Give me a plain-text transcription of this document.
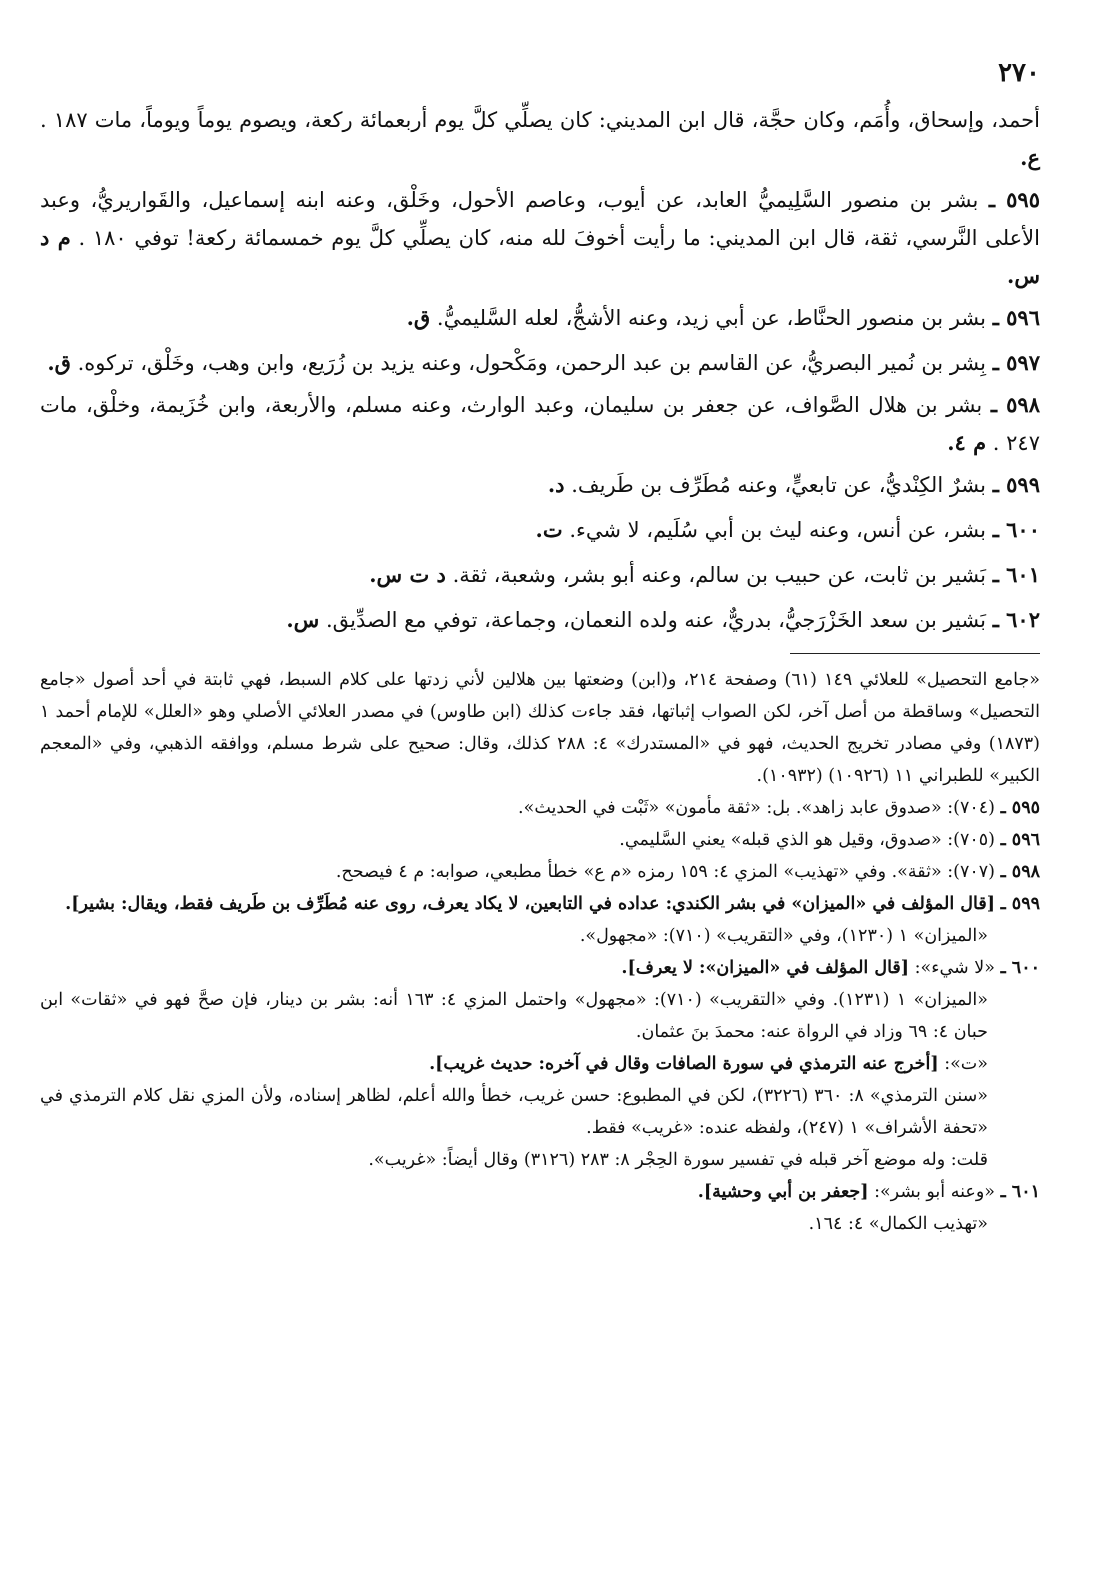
٢٧٠

أحمد، وإسحاق، وأُمَم، وكان حجَّة، قال ابن المديني: كان يصلِّي كلَّ يوم أربعمائة ركعة، ويصوم يوماً ويوماً، مات ١٨٧ . ع.

٥٩٥ ـ بشر بن منصور السَّلِيميُّ العابد، عن أيوب، وعاصم الأحول، وخَلْق، وعنه ابنه إسماعيل، والقَواريريُّ، وعبد الأعلى النَّرسي، ثقة، قال ابن المديني: ما رأيت أخوفَ لله منه، كان يصلِّي كلَّ يوم خمسمائة ركعة! توفي ١٨٠ . م د س.

٥٩٦ ـ بشر بن منصور الحنَّاط، عن أبي زيد، وعنه الأشجُّ، لعله السَّليميُّ. ق.

٥٩٧ ـ بِشر بن نُمير البصريُّ، عن القاسم بن عبد الرحمن، ومَكْحول، وعنه يزيد بن زُرَيع، وابن وهب، وخَلْق، تركوه. ق.

٥٩٨ ـ بشر بن هلال الصَّواف، عن جعفر بن سليمان، وعبد الوارث، وعنه مسلم، والأربعة، وابن خُزَيمة، وخلْق، مات ٢٤٧ . م ٤.

٥٩٩ ـ بشرٌ الكِنْديُّ، عن تابعيٍّ، وعنه مُطَرِّف بن طَريف. د.

٦٠٠ ـ بشر، عن أنس، وعنه ليث بن أبي سُلَيم، لا شيء. ت.

٦٠١ ـ بَشير بن ثابت، عن حبيب بن سالم، وعنه أبو بشر، وشعبة، ثقة. د ت س.

٦٠٢ ـ بَشير بن سعد الخَزْرَجيُّ، بدريٌّ، عنه ولده النعمان، وجماعة، توفي مع الصدِّيق. س.

«جامع التحصيل» للعلائي ١٤٩ (٦١) وصفحة ٢١٤، و(ابن) وضعتها بين هلالين لأني زدتها على كلام السبط، فهي ثابتة في أحد أصول «جامع التحصيل» وساقطة من أصل آخر، لكن الصواب إثباتها، فقد جاءت كذلك (ابن طاوس) في مصدر العلائي الأصلي وهو «العلل» للإمام أحمد ١ (١٨٧٣) وفي مصادر تخريج الحديث، فهو في «المستدرك» ٤: ٢٨٨ كذلك، وقال: صحيح على شرط مسلم، ووافقه الذهبي، وفي «المعجم الكبير» للطبراني ١١ (١٠٩٢٦) (١٠٩٣٢).

٥٩٥ ـ (٧٠٤): «صدوق عابد زاهد». بل: «ثقة مأمون» «ثَبْت في الحديث».

٥٩٦ ـ (٧٠٥): «صدوق، وقيل هو الذي قبله» يعني السَّليمي.

٥٩٨ ـ (٧٠٧): «ثقة». وفي «تهذيب» المزي ٤: ١٥٩ رمزه «م ع» خطأ مطبعي، صوابه: م ٤ فيصحح.

٥٩٩ ـ [قال المؤلف في «الميزان» في بشر الكندي: عداده في التابعين، لا يكاد يعرف، روى عنه مُطَرِّف بن طَريف فقط، ويقال: بشير].

«الميزان» ١ (١٢٣٠)، وفي «التقريب» (٧١٠): «مجهول».

٦٠٠ ـ «لا شيء»: [قال المؤلف في «الميزان»: لا يعرف].

«الميزان» ١ (١٢٣١). وفي «التقريب» (٧١٠): «مجهول» واحتمل المزي ٤: ١٦٣ أنه: بشر بن دينار، فإن صحَّ فهو في «ثقات» ابن حبان ٤: ٦٩ وزاد في الرواة عنه: محمدَ بنَ عثمان.

«ت»: [أخرج عنه الترمذي في سورة الصافات وقال في آخره: حديث غريب].

«سنن الترمذي» ٨: ٣٦٠ (٣٢٢٦)، لكن في المطبوع: حسن غريب، خطأ والله أعلم، لظاهر إسناده، ولأن المزي نقل كلام الترمذي في «تحفة الأشراف» ١ (٢٤٧)، ولفظه عنده: «غريب» فقط.

قلت: وله موضع آخر قبله في تفسير سورة الحِجْر ٨: ٢٨٣ (٣١٢٦) وقال أيضاً: «غريب».

٦٠١ ـ «وعنه أبو بشر»: [جعفر بن أبي وحشية].

«تهذيب الكمال» ٤: ١٦٤.
